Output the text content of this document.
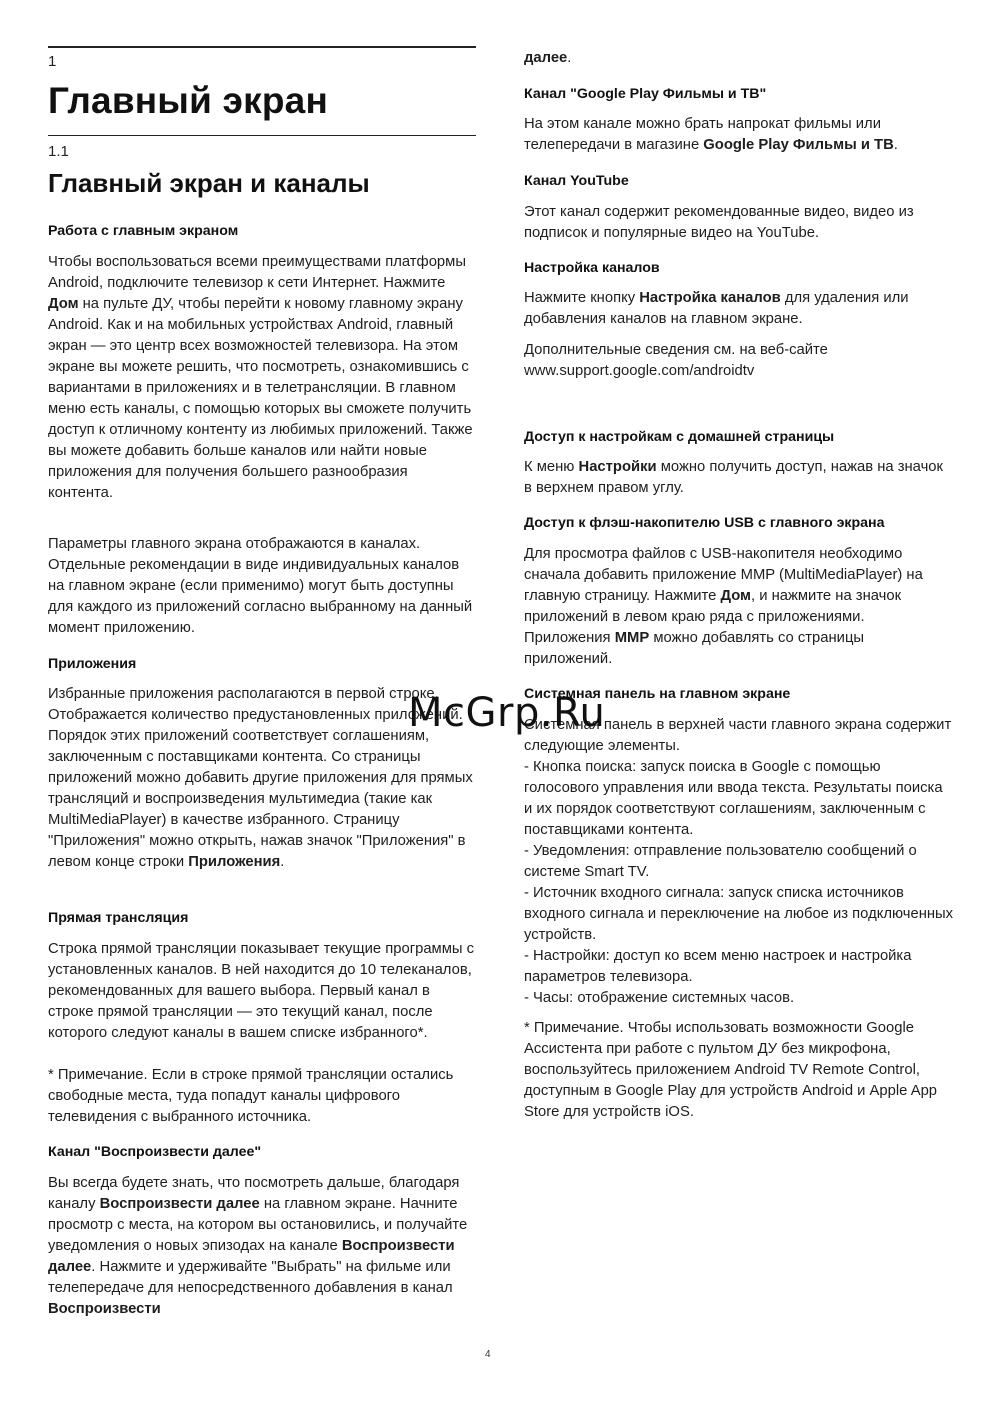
1
Главный экран
1.1
Главный экран и каналы
Работа с главным экраном

Чтобы воспользоваться всеми преимуществами платформы Android, подключите телевизор к сети Интернет. Нажмите Дом на пульте ДУ, чтобы перейти к новому главному экрану Android. Как и на мобильных устройствах Android, главный экран — это центр всех возможностей телевизора. На этом экране вы можете решить, что посмотреть, ознакомившись с вариантами в приложениях и в телетрансляции. В главном меню есть каналы, с помощью которых вы сможете получить доступ к отличному контенту из любимых приложений. Также вы можете добавить больше каналов или найти новые приложения для получения большего разнообразия контента.

Параметры главного экрана отображаются в каналах. Отдельные рекомендации в виде индивидуальных каналов на главном экране (если применимо) могут быть доступны для каждого из приложений согласно выбранному на данный момент приложению.

Приложения

Избранные приложения располагаются в первой строке. Отображается количество предустановленных приложений. Порядок этих приложений соответствует соглашениям, заключенным с поставщиками контента. Со страницы приложений можно добавить другие приложения для прямых трансляций и воспроизведения мультимедиа (такие как MultiMediaPlayer) в качестве избранного. Страницу "Приложения" можно открыть, нажав значок "Приложения" в левом конце строки Приложения.

Прямая трансляция

Строка прямой трансляции показывает текущие программы с установленных каналов. В ней находится до 10 телеканалов, рекомендованных для вашего выбора. Первый канал в строке прямой трансляции — это текущий канал, после которого следуют каналы в вашем списке избранного*.

* Примечание. Если в строке прямой трансляции остались свободные места, туда попадут каналы цифрового телевидения с выбранного источника.

Канал "Воспроизвести далее"

Вы всегда будете знать, что посмотреть дальше, благодаря каналу Воспроизвести далее на главном экране. Начните просмотр с места, на котором вы остановились, и получайте уведомления о новых эпизодах на канале Воспроизвести далее. Нажмите и удерживайте "Выбрать" на фильме или телепередаче для непосредственного добавления в канал Воспроизвести

далее.

Канал "Google Play Фильмы и ТВ"

На этом канале можно брать напрокат фильмы или телепередачи в магазине Google Play Фильмы и ТВ.

Канал YouTube

Этот канал содержит рекомендованные видео, видео из подписок и популярные видео на YouTube.

Настройка каналов

Нажмите кнопку Настройка каналов для удаления или добавления каналов на главном экране.

Дополнительные сведения см. на веб-сайте www.support.google.com/androidtv

Доступ к настройкам с домашней страницы

К меню Настройки можно получить доступ, нажав на значок в верхнем правом углу.

Доступ к флэш-накопителю USB с главного экрана

Для просмотра файлов с USB-накопителя необходимо сначала добавить приложение MMP (MultiMediaPlayer) на главную страницу. Нажмите Дом, и нажмите на значок приложений в левом краю ряда с приложениями. Приложения MMP можно добавлять со страницы приложений.

Системная панель на главном экране

Системная панель в верхней части главного экрана содержит следующие элементы.

- Кнопка поиска: запуск поиска в Google с помощью голосового управления или ввода текста. Результаты поиска и их порядок соответствуют соглашениям, заключенным с поставщиками контента.

- Уведомления: отправление пользователю сообщений о системе Smart TV.

- Источник входного сигнала: запуск списка источников входного сигнала и переключение на любое из подключенных устройств.

- Настройки: доступ ко всем меню настроек и настройка параметров телевизора.

- Часы: отображение системных часов.

* Примечание. Чтобы использовать возможности Google Ассистента при работе с пультом ДУ без микрофона, воспользуйтесь приложением Android TV Remote Control, доступным в Google Play для устройств Android и Apple App Store для устройств iOS.

McGrp.Ru
4
